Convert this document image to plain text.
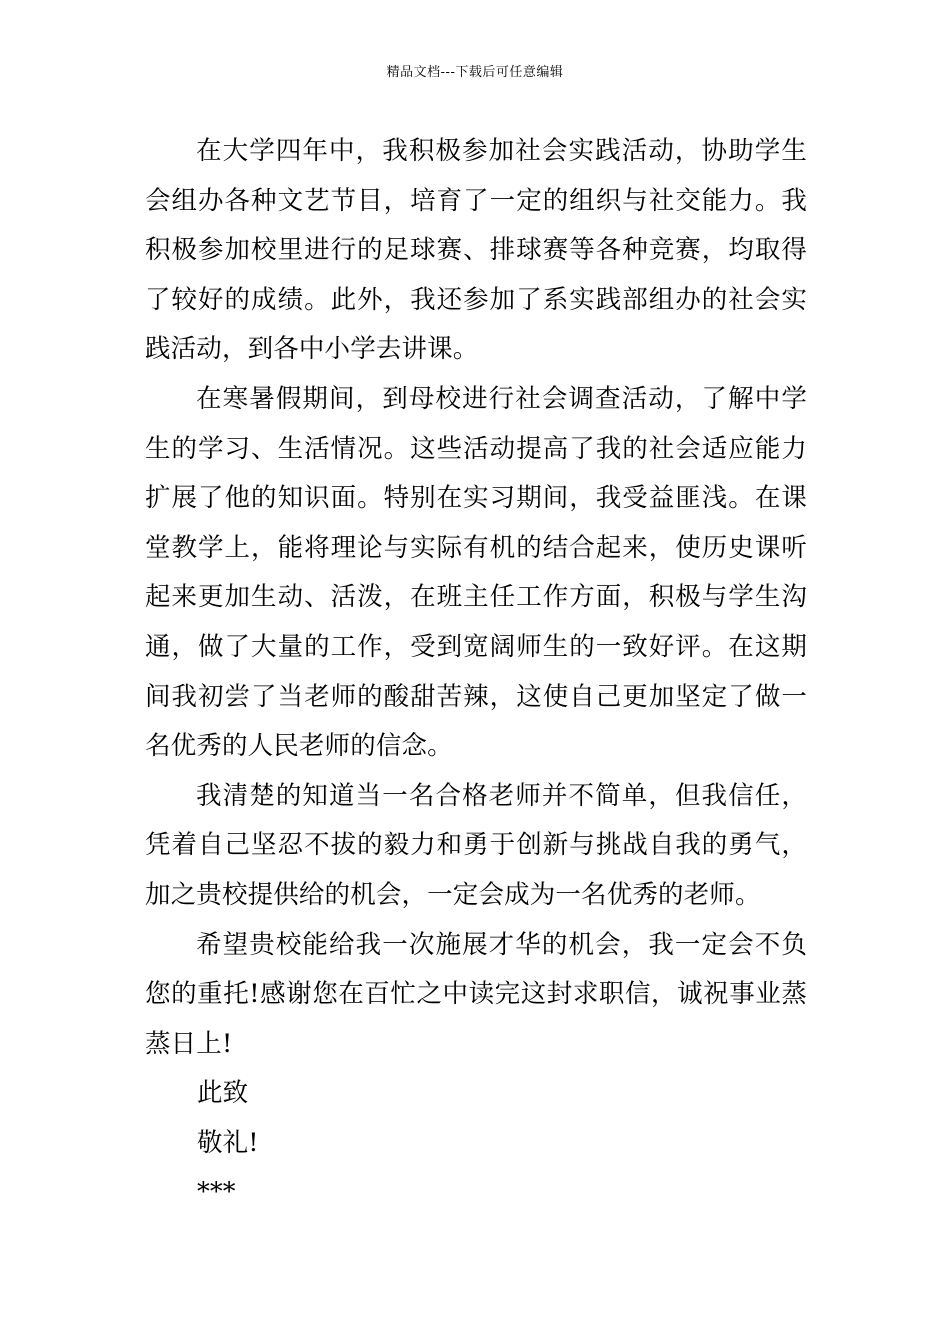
精品文档---下载后可任意编辑

在大学四年中，我积极参加社会实践活动，协助学生会组办各种文艺节目，培育了一定的组织与社交能力。我积极参加校里进行的足球赛、排球赛等各种竞赛，均取得了较好的成绩。此外，我还参加了系实践部组办的社会实践活动，到各中小学去讲课。

在寒暑假期间，到母校进行社会调查活动，了解中学生的学习、生活情况。这些活动提高了我的社会适应能力扩展了他的知识面。特别在实习期间，我受益匪浅。在课堂教学上，能将理论与实际有机的结合起来，使历史课听起来更加生动、活泼，在班主任工作方面，积极与学生沟通，做了大量的工作，受到宽阔师生的一致好评。在这期间我初尝了当老师的酸甜苦辣，这使自己更加坚定了做一名优秀的人民老师的信念。

我清楚的知道当一名合格老师并不简单，但我信任，凭着自己坚忍不拔的毅力和勇于创新与挑战自我的勇气，加之贵校提供给的机会，一定会成为一名优秀的老师。

希望贵校能给我一次施展才华的机会，我一定会不负您的重托!感谢您在百忙之中读完这封求职信，诚祝事业蒸蒸日上!

此致

敬礼!

***
